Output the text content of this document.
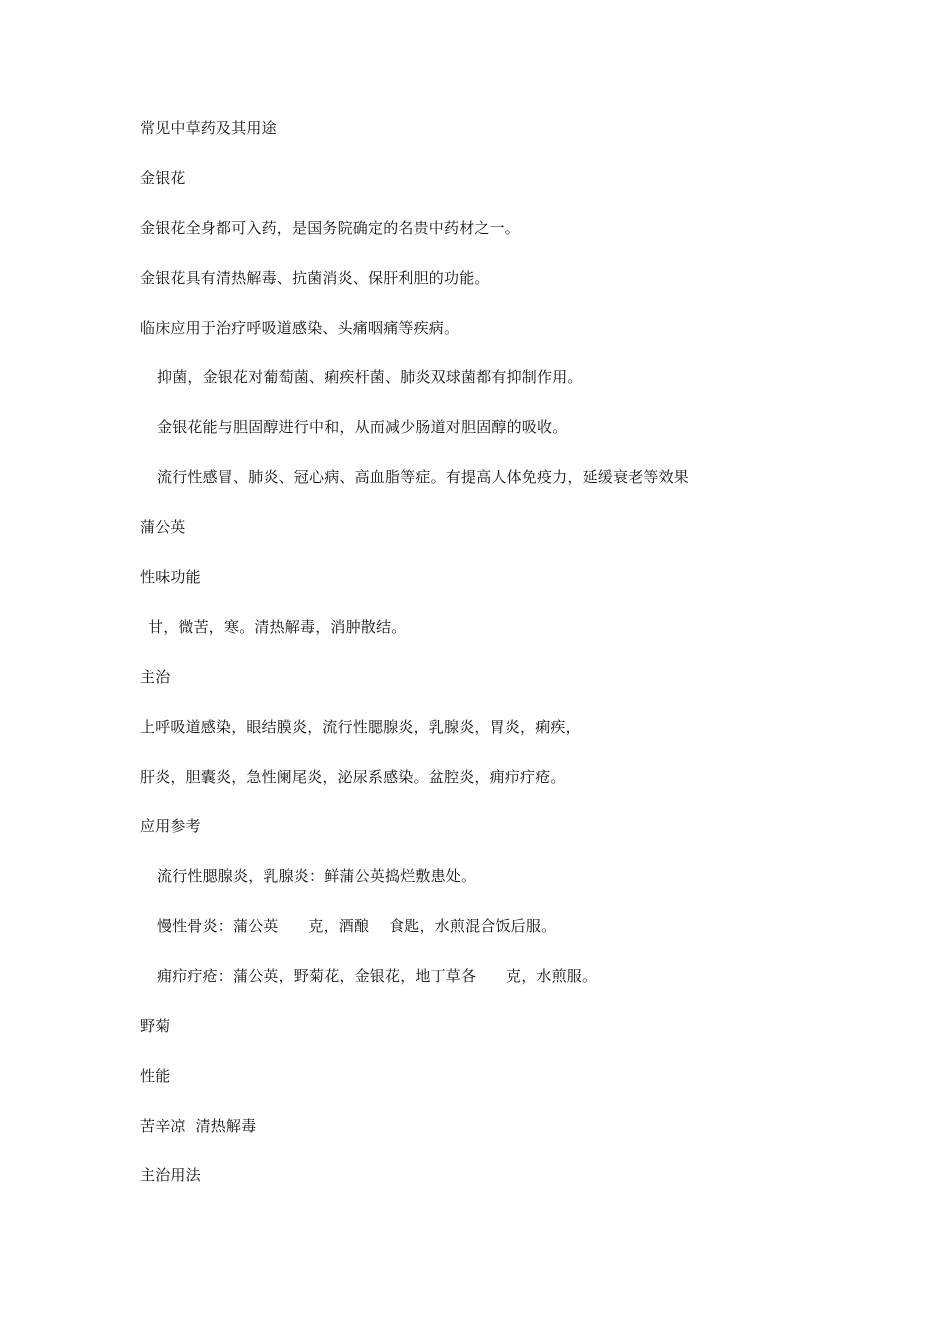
常见中草药及其用途
金银花
金银花全身都可入药，是国务院确定的名贵中药材之一。
金银花具有清热解毒、抗菌消炎、保肝利胆的功能。
临床应用于治疗呼吸道感染、头痛咽痛等疾病。
抑菌，金银花对葡萄菌、痢疾杆菌、肺炎双球菌都有抑制作用。
金银花能与胆固醇进行中和，从而减少肠道对胆固醇的吸收。
流行性感冒、肺炎、冠心病、高血脂等症。有提高人体免疫力，延缓衰老等效果
蒲公英
性味功能
甘，微苦，寒。清热解毒，消肿散结。
主治
上呼吸道感染，眼结膜炎，流行性腮腺炎，乳腺炎，胃炎，痢疾，
肝炎，胆囊炎，急性阑尾炎，泌尿系感染。盆腔炎，痈疖疔疮。
应用参考
流行性腮腺炎，乳腺炎：鲜蒲公英捣烂敷患处。
慢性骨炎：蒲公英      克，酒酿    食匙，水煎混合饭后服。
痈疖疔疮：蒲公英，野菊花，金银花，地丁草各      克，水煎服。
野菊
性能
苦辛凉  清热解毒
主治用法
